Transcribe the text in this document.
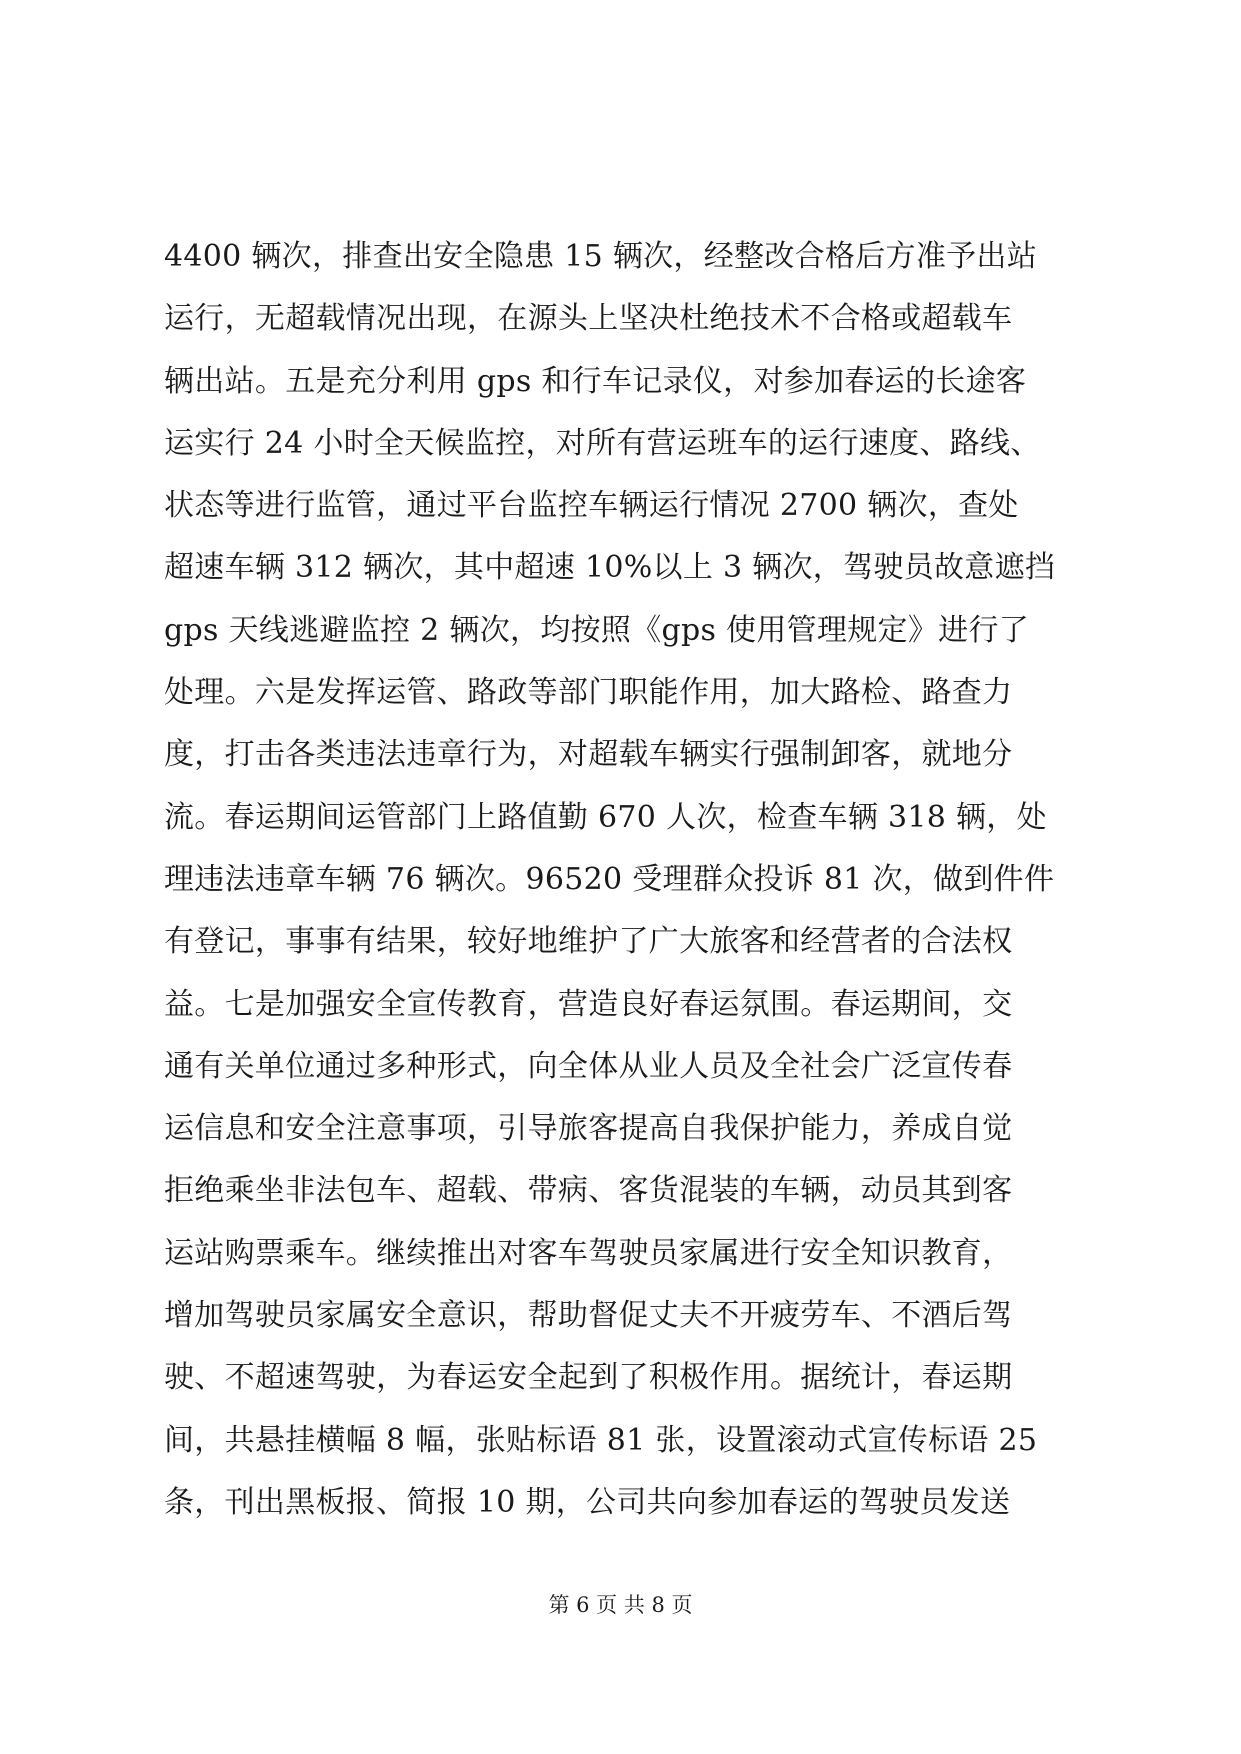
4400 辆次，排查出安全隐患 15 辆次，经整改合格后方准予出站
运行，无超载情况出现，在源头上坚决杜绝技术不合格或超载车
辆出站。五是充分利用 gps 和行车记录仪，对参加春运的长途客
运实行 24 小时全天候监控，对所有营运班车的运行速度、路线、
状态等进行监管，通过平台监控车辆运行情况 2700 辆次，查处
超速车辆 312 辆次，其中超速 10%以上 3 辆次，驾驶员故意遮挡
gps 天线逃避监控 2 辆次，均按照《gps 使用管理规定》进行了
处理。六是发挥运管、路政等部门职能作用，加大路检、路查力
度，打击各类违法违章行为，对超载车辆实行强制卸客，就地分
流。春运期间运管部门上路值勤 670 人次，检查车辆 318 辆，处
理违法违章车辆 76 辆次。96520 受理群众投诉 81 次，做到件件
有登记，事事有结果，较好地维护了广大旅客和经营者的合法权
益。七是加强安全宣传教育，营造良好春运氛围。春运期间，交
通有关单位通过多种形式，向全体从业人员及全社会广泛宣传春
运信息和安全注意事项，引导旅客提高自我保护能力，养成自觉
拒绝乘坐非法包车、超载、带病、客货混装的车辆，动员其到客
运站购票乘车。继续推出对客车驾驶员家属进行安全知识教育，
增加驾驶员家属安全意识，帮助督促丈夫不开疲劳车、不酒后驾
驶、不超速驾驶，为春运安全起到了积极作用。据统计，春运期
间，共悬挂横幅 8 幅，张贴标语 81 张，设置滚动式宣传标语 25
条，刊出黑板报、简报 10 期，公司共向参加春运的驾驶员发送
第 6 页 共 8 页
